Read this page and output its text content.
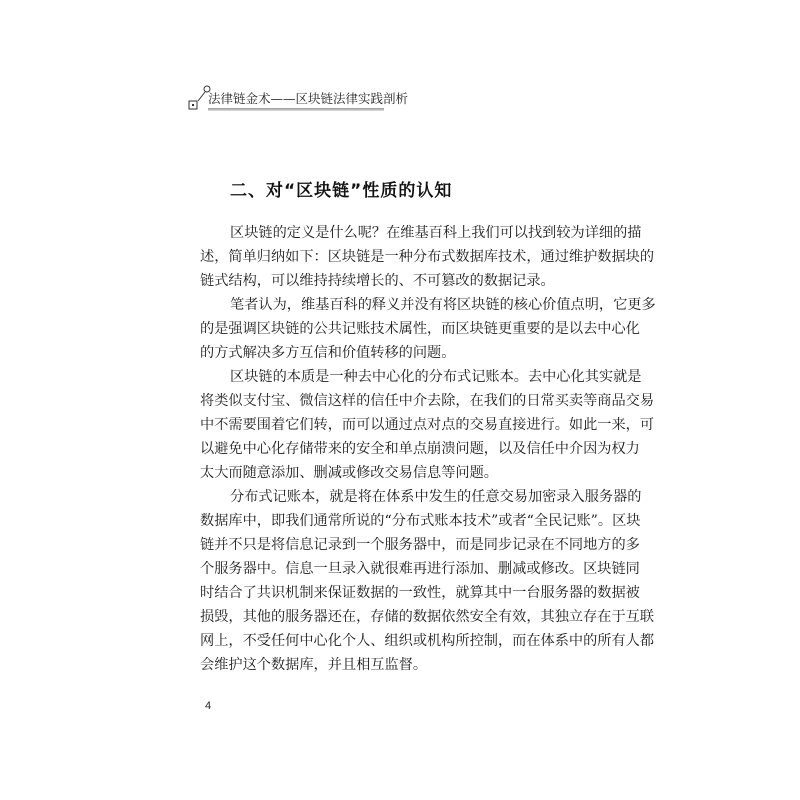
法律链金术——区块链法律实践剖析
二、对“区块链”性质的认知
区块链的定义是什么呢？在维基百科上我们可以找到较为详细的描
述，简单归纳如下：区块链是一种分布式数据库技术，通过维护数据块的
链式结构，可以维持持续增长的、不可篡改的数据记录。
笔者认为，维基百科的释义并没有将区块链的核心价值点明，它更多
的是强调区块链的公共记账技术属性，而区块链更重要的是以去中心化
的方式解决多方互信和价值转移的问题。
区块链的本质是一种去中心化的分布式记账本。去中心化其实就是
将类似支付宝、微信这样的信任中介去除，在我们的日常买卖等商品交易
中不需要围着它们转，而可以通过点对点的交易直接进行。如此一来，可
以避免中心化存储带来的安全和单点崩溃问题，以及信任中介因为权力
太大而随意添加、删减或修改交易信息等问题。
分布式记账本，就是将在体系中发生的任意交易加密录入服务器的
数据库中，即我们通常所说的“分布式账本技术”或者“全民记账”。区块
链并不只是将信息记录到一个服务器中，而是同步记录在不同地方的多
个服务器中。信息一旦录入就很难再进行添加、删减或修改。区块链同
时结合了共识机制来保证数据的一致性，就算其中一台服务器的数据被
损毁，其他的服务器还在，存储的数据依然安全有效，其独立存在于互联
网上，不受任何中心化个人、组织或机构所控制，而在体系中的所有人都
会维护这个数据库，并且相互监督。
4
